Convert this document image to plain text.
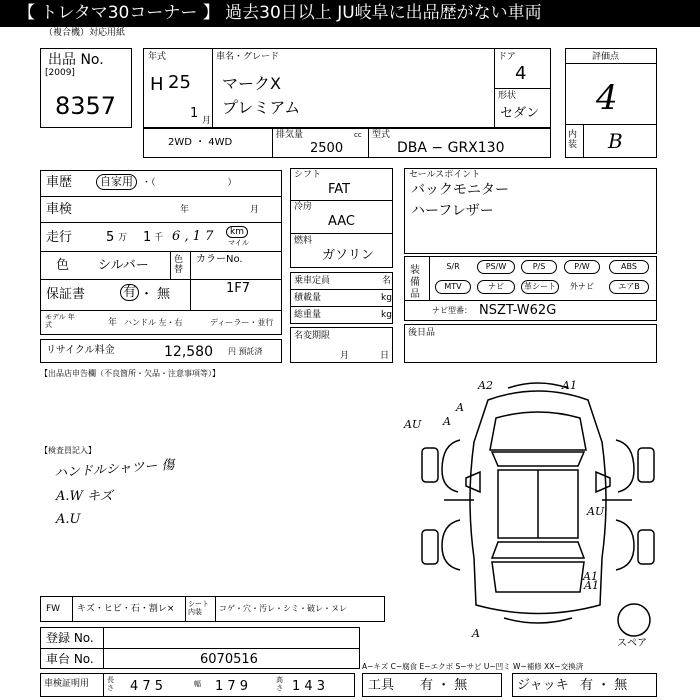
【 トレタマ30コーナー 】 過去30日以上 JU岐阜に出品歴がない車両
（複合機）対応用紙
出品 No.
[2009]
8357
年式
H 25
1 月
車名・グレード
マークX
プレミアム
ドア
4
形状
セダン
評価点
4
内装 B
2WD ・ 4WD
排気量	cc
2500
型式
DBA − GRX130
車歴	自家用	・（　　　　　　　　）
車検	年	月
走行	5 万 1 千 6 ‚ 1 7	km
マイル
色 シルバー	色替
カラーNo.
1F7
保証書	有 ・ 無
モデル 年式	年 ハンドル 左・右	ディーラー・並行
リサイクル料金	12,580 円 預託済
シフト
FAT
冷房
AAC
燃料
ガソリン
乗車定員	名
積載量	kg
総重量	kg
名変期限
月	日
セールスポイント
バックモニター
ハーフレザー
装備品
S/R	PS/W	P/S	P/W	ABS
MTV	ナビ	革シート	外ナビ	エアB
ナビ型番： NSZT-W62G
後日品
【出品店申告欄（不良箇所・欠品・注意事項等）】
【検査員記入】
ハンドルシャツー 傷
A.W キズ
A.U
A2	A1
A
AU A
AU
A1
A1
A
スペア
FW キズ・ヒビ・石・割レ× シート 内装	コゲ・穴・汚レ・シミ・破レ・ヌレ
登録 No.
車台 No.	6070516	A−キズ C−腐食 E−エクボ S−サビ U−凹ミ W−補修 XX−交換済
車検証明用	長さ 4 7 5	幅 1 7 9	高さ 1 4 3	工具 有 ・ 無	ジャッキ 有 ・ 無
